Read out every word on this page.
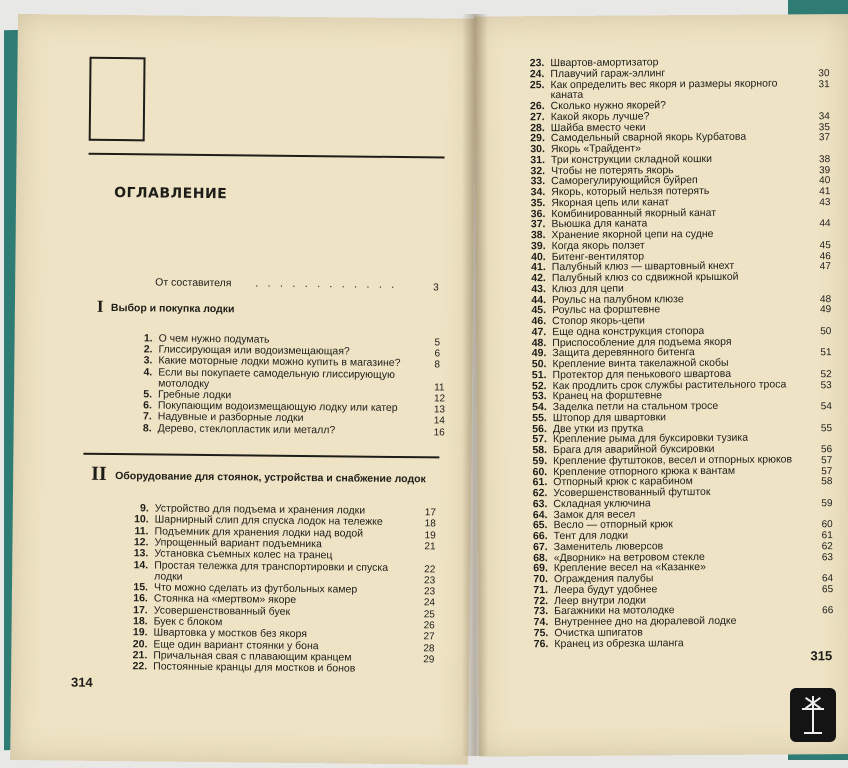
ОГЛАВЛЕНИЕ
От составителя . . . . . . . . . . . .	3
I Выбор и покупка лодки
1. О чем нужно подумать	5
2. Глиссирующая или водоизмещающая?	6
3. Какие моторные лодки можно купить в магазине?	8
4. Если вы покупаете самодельную глиссирующую
мотолодку	11
5. Гребные лодки	12
6. Покупающим водоизмещающую лодку или катер	13
7. Надувные и разборные лодки	14
8. Дерево, стеклопластик или металл?	16
II Оборудование для стоянок, устройства и снабжение лодок
9. Устройство для подъема и хранения лодки	17
10. Шарнирный слип для спуска лодок на тележке	18
11. Подъемник для хранения лодки над водой	19
12. Упрощенный вариант подъемника	21
13. Установка съемных колес на транец
14. Простая тележка для транспортировки и спуска	22
лодки	23
15. Что можно сделать из футбольных камер	23
16. Стоянка на «мертвом» якоре	24
17. Усовершенствованный буек	25
18. Буек с блоком	26
19. Швартовка у мостков без якоря	27
20. Еще один вариант стоянки у бона	28
21. Причальная свая с плавающим кранцем	29
22. Постоянные кранцы для мостков и бонов
314
23. Швартов-амортизатор
24. Плавучий гараж-эллинг	30
25. Как определить вес якоря и размеры якорного	31
каната
26. Сколько нужно якорей?
27. Какой якорь лучше?	34
28. Шайба вместо чеки	35
29. Самодельный сварной якорь Курбатова	37
30. Якорь «Трайдент»
31. Три конструкции складной кошки	38
32. Чтобы не потерять якорь	39
33. Саморегулирующийся буйреп	40
34. Якорь, который нельзя потерять	41
35. Якорная цепь или канат	43
36. Комбинированный якорный канат
37. Вьюшка для каната	44
38. Хранение якорной цепи на судне
39. Когда якорь ползет	45
40. Битенг-вентилятор	46
41. Палубный клюз — швартовный кнехт	47
42. Палубный клюз со сдвижной крышкой
43. Клюз для цепи
44. Роульс на палубном клюзе	48
45. Роульс на форштевне	49
46. Стопор якорь-цепи
47. Еще одна конструкция стопора	50
48. Приспособление для подъема якоря
49. Защита деревянного битенга	51
50. Крепление винта такелажной скобы
51. Протектор для пенькового швартова	52
52. Как продлить срок службы растительного троса	53
53. Кранец на форштевне
54. Заделка петли на стальном тросе	54
55. Штопор для швартовки
56. Две утки из прутка	55
57. Крепление рыма для буксировки тузика
58. Брага для аварийной буксировки	56
59. Крепление футштоков, весел и отпорных крюков	57
60. Крепление отпорного крюка к вантам	57
61. Отпорный крюк с карабином	58
62. Усовершенствованный футшток
63. Складная уключина	59
64. Замок для весел
65. Весло — отпорный крюк	60
66. Тент для лодки	61
67. Заменитель люверсов	62
68. «Дворник» на ветровом стекле	63
69. Крепление весел на «Казанке»
70. Ограждения палубы	64
71. Леера будут удобнее	65
72. Леер внутри лодки
73. Багажники на мотолодке	66
74. Внутреннее дно на дюралевой лодке
75. Очистка шпигатов
76. Кранец из обрезка шланга
315
